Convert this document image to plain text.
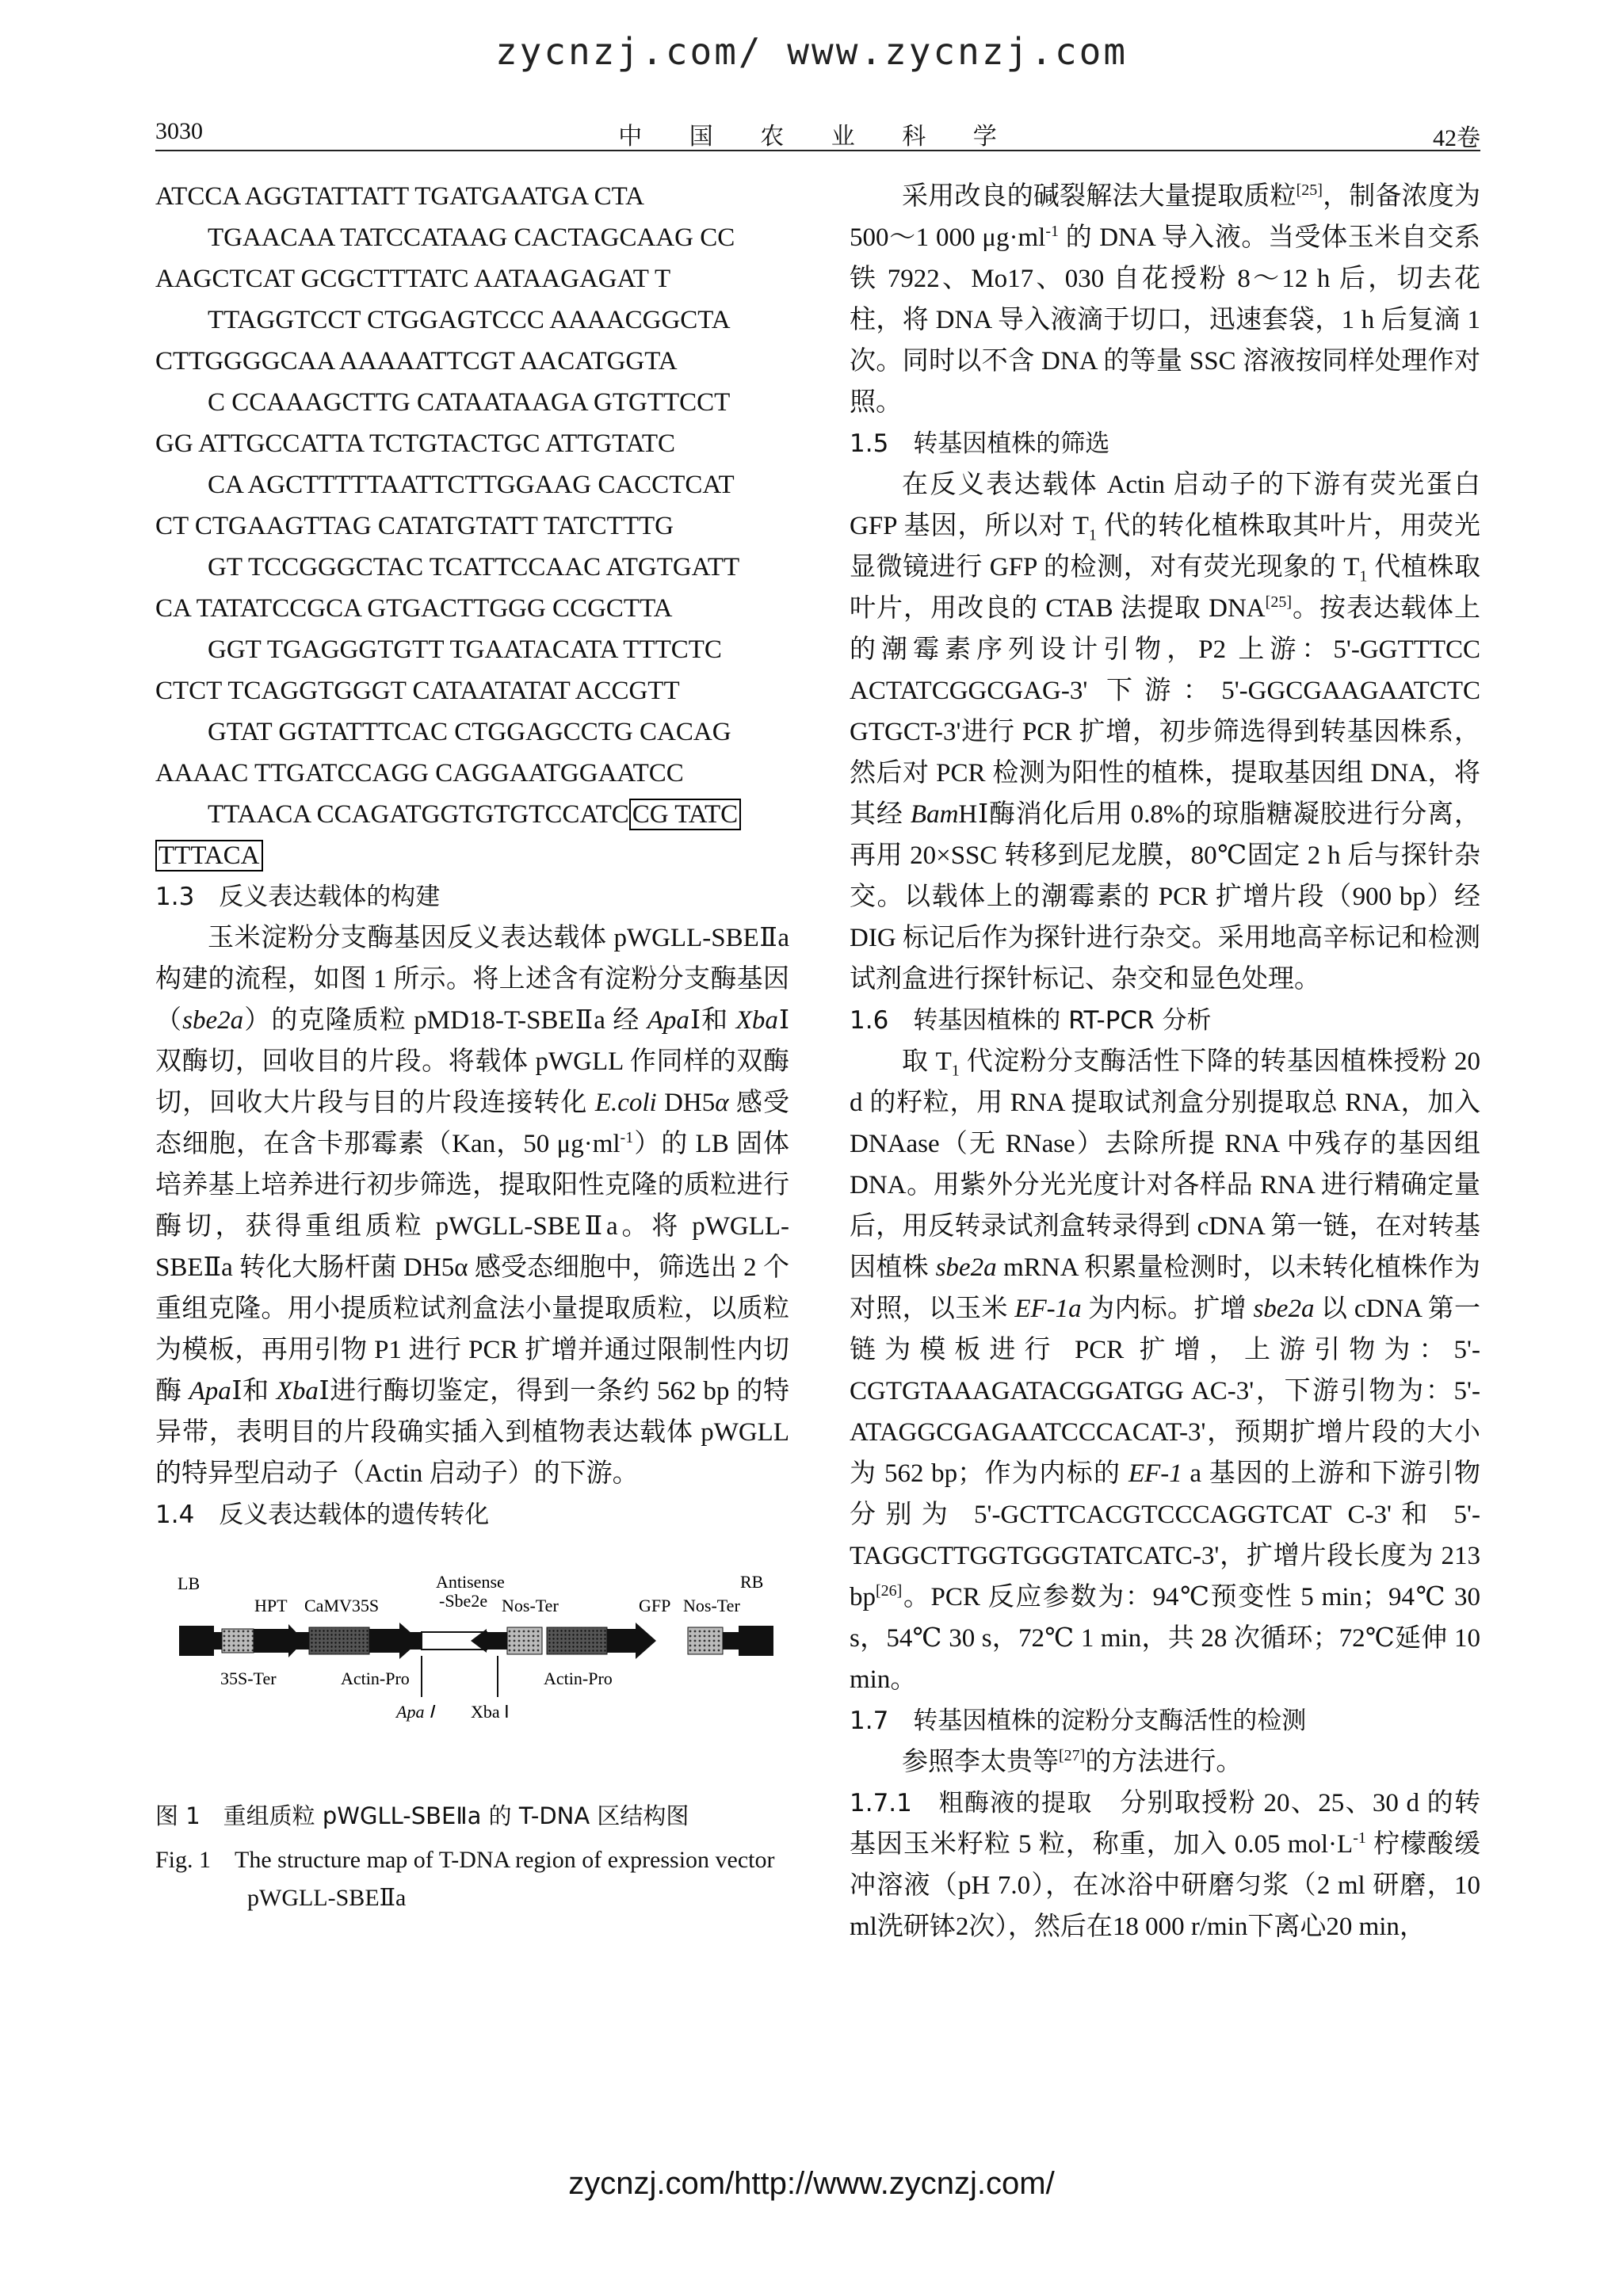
zycnzj.com/ www.zycnzj.com
3030	中 国 农 业 科 学	42卷

ATCCA AGGTATTATT TGATGAATGA CTA

TGAACAA TATCCATAAG CACTAGCAAG CC

AAGCTCAT GCGCTTTATC AATAAGAGAT T

TTAGGTCCT CTGGAGTCCC AAAACGGCTA

CTTGGGGCAA AAAAATTCGT AACATGGTA

C CCAAAGCTTG CATAATAAGA GTGTTCCT

GG ATTGCCATTA TCTGTACTGC ATTGTATC

CA AGCTTTTTAATTCTTGGAAG CACCTCAT

CT CTGAAGTTAG CATATGTATT TATCTTTG

GT TCCGGGCTAC TCATTCCAAC ATGTGATT

CA TATATCCGCA GTGACTTGGG CCGCTTA

GGT TGAGGGTGTT TGAATACATA TTTCTC

CTCT TCAGGTGGGT CATAATATAT ACCGTT

GTAT GGTATTTCAC CTGGAGCCTG CACAG

AAAAC TTGATCCAGG CAGGAATGGAATCC

TTAACA CCAGATGGTGTGTCCATC CG TATC

TTTACA

1.3　反义表达载体的构建

玉米淀粉分支酶基因反义表达载体 pWGLL-SBEⅡa 构建的流程，如图 1 所示。将上述含有淀粉分支酶基因（sbe2a）的克隆质粒 pMD18-T-SBEⅡa 经 ApaⅠ和 XbaⅠ双酶切，回收目的片段。将载体 pWGLL 作同样的双酶切，回收大片段与目的片段连接转化 E.coli DH5α 感受态细胞，在含卡那霉素（Kan，50 $\mu g\cdot ml^{-1}$）的 LB 固体培养基上培养进行初步筛选，提取阳性克隆的质粒进行酶切，获得重组质粒 pWGLL-SBEⅡa。将 pWGLL-SBEⅡa 转化大肠杆菌 DH5α 感受态细胞中，筛选出 2 个重组克隆。用小提质粒试剂盒法小量提取质粒，以质粒为模板，再用引物 P1 进行 PCR 扩增并通过限制性内切酶 ApaⅠ和 XbaⅠ进行酶切鉴定，得到一条约 562 bp 的特异带，表明目的片段确实插入到植物表达载体 pWGLL 的特异型启动子（Actin 启动子）的下游。

1.4　反义表达载体的遗传转化

LB
HPT CaMV35S
Antisense
-Sbe2e Nos-Ter	GFP Nos-Ter
RB
35S-Ter	Actin-Pro
Apa Ⅰ Xba Ⅰ
Actin-Pro

图 1　重组质粒 pWGLL-SBEⅡa 的 T-DNA 区结构图

Fig. 1　The structure map of T-DNA region of expression vector pWGLL-SBEⅡa

采用改良的碱裂解法大量提取质粒[25]，制备浓度为 500～1 000 $\mu g\cdot ml^{-1}$ 的 DNA 导入液。当受体玉米自交系铁 7922、Mo17、030 自花授粉 8～12 h 后，切去花柱，将 DNA 导入液滴于切口，迅速套袋，1 h 后复滴 1 次。同时以不含 DNA 的等量 SSC 溶液按同样处理作对照。

1.5　转基因植株的筛选

在反义表达载体 Actin 启动子的下游有荧光蛋白 GFP 基因，所以对 $T_1$ 代的转化植株取其叶片，用荧光显微镜进行 GFP 的检测，对有荧光现象的 $T_1$ 代植株取叶片，用改良的 CTAB 法提取 DNA[25]。按表达载体上的潮霉素序列设计引物，P2 上游：5'-GGTTTCC ACTATCGGCGAG-3' 下游：5'-GGCGAAGAATCTC GTGCT-3'进行 PCR 扩增，初步筛选得到转基因株系，然后对 PCR 检测为阳性的植株，提取基因组 DNA，将其经 BamHⅠ酶消化后用 0.8%的琼脂糖凝胶进行分离，再用 20×SSC 转移到尼龙膜，80℃固定 2 h 后与探针杂交。以载体上的潮霉素的 PCR 扩增片段（900 bp）经 DIG 标记后作为探针进行杂交。采用地高辛标记和检测试剂盒进行探针标记、杂交和显色处理。

1.6　转基因植株的 RT-PCR 分析

取 $T_1$ 代淀粉分支酶活性下降的转基因植株授粉 20 d 的籽粒，用 RNA 提取试剂盒分别提取总 RNA，加入 DNAase（无 RNase）去除所提 RNA 中残存的基因组 DNA。用紫外分光光度计对各样品 RNA 进行精确定量后，用反转录试剂盒转录得到 cDNA 第一链，在对转基因植株 sbe2a mRNA 积累量检测时，以未转化植株作为对照，以玉米 EF-1a 为内标。扩增 sbe2a 以 cDNA 第一链为模板进行 PCR 扩增，上游引物为：5'-CGTGTAAAGATACGGATGG AC-3'，下游引物为：5'-ATAGGCGAGAATCCCACAT-3'，预期扩增片段的大小为 562 bp；作为内标的 EF-1 a 基因的上游和下游引物分别为 5'-GCTTCACGTCCCAGGTCAT C-3'和 5'-TAGGCTTGGTGGGTATCATC-3'，扩增片段长度为 213 bp[26]。PCR 反应参数为：94℃预变性 5 min；94℃ 30 s，54℃ 30 s，72℃ 1 min，共 28 次循环；72℃延伸 10 min。

1.7　转基因植株的淀粉分支酶活性的检测

参照李太贵等[27]的方法进行。

1.7.1　粗酶液的提取　分别取授粉 20、25、30 d 的转基因玉米籽粒 5 粒，称重，加入 0.05 $mol\cdot L^{-1}$ 柠檬酸缓冲溶液（pH 7.0），在冰浴中研磨匀浆（2 ml 研磨，10 ml洗研钵2次），然后在18 000 r/min下离心20 min，

zycnzj.com/http://www.zycnzj.com/
